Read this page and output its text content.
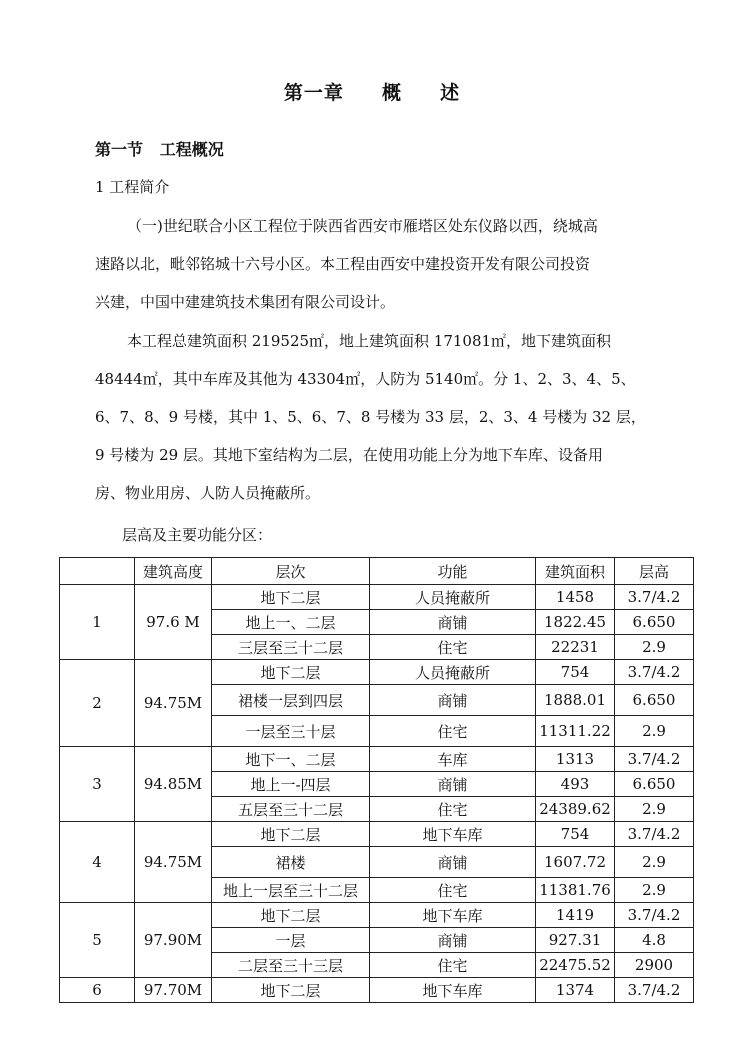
第一章     概     述
第一节   工程概况
1 工程简介
（一)世纪联合小区工程位于陕西省西安市雁塔区处东仪路以西，绕城高
速路以北，毗邻铭城十六号小区。本工程由西安中建投资开发有限公司投资
兴建，中国中建建筑技术集团有限公司设计。
本工程总建筑面积 219525㎡，地上建筑面积 171081㎡，地下建筑面积
48444㎡，其中车库及其他为 43304㎡，人防为 5140㎡。分 1、2、3、4、5、
6、7、8、9 号楼，其中 1、5、6、7、8 号楼为 33 层，2、3、4 号楼为 32 层，
9 号楼为 29 层。其地下室结构为二层，在使用功能上分为地下车库、设备用
房、物业用房、人防人员掩蔽所。
层高及主要功能分区：
	建筑高度	层次	功能	建筑面积	层高
1	97.6 M	地下二层	人员掩蔽所	1458	3.7/4.2
		地上一、二层	商铺	1822.45	6.650
		三层至三十二层	住宅	22231	2.9
2	94.75M	地下二层	人员掩蔽所	754	3.7/4.2
		裙楼一层到四层	商铺	1888.01	6.650
		一层至三十层	住宅	11311.22	2.9
3	94.85M	地下一、二层	车库	1313	3.7/4.2
		地上一-四层	商铺	493	6.650
		五层至三十二层	住宅	24389.62	2.9
4	94.75M	地下二层	地下车库	754	3.7/4.2
		裙楼	商铺	1607.72	2.9
		地上一层至三十二层	住宅	11381.76	2.9
5	97.90M	地下二层	地下车库	1419	3.7/4.2
		一层	商铺	927.31	4.8
		二层至三十三层	住宅	22475.52	2900
6	97.70M	地下二层	地下车库	1374	3.7/4.2
